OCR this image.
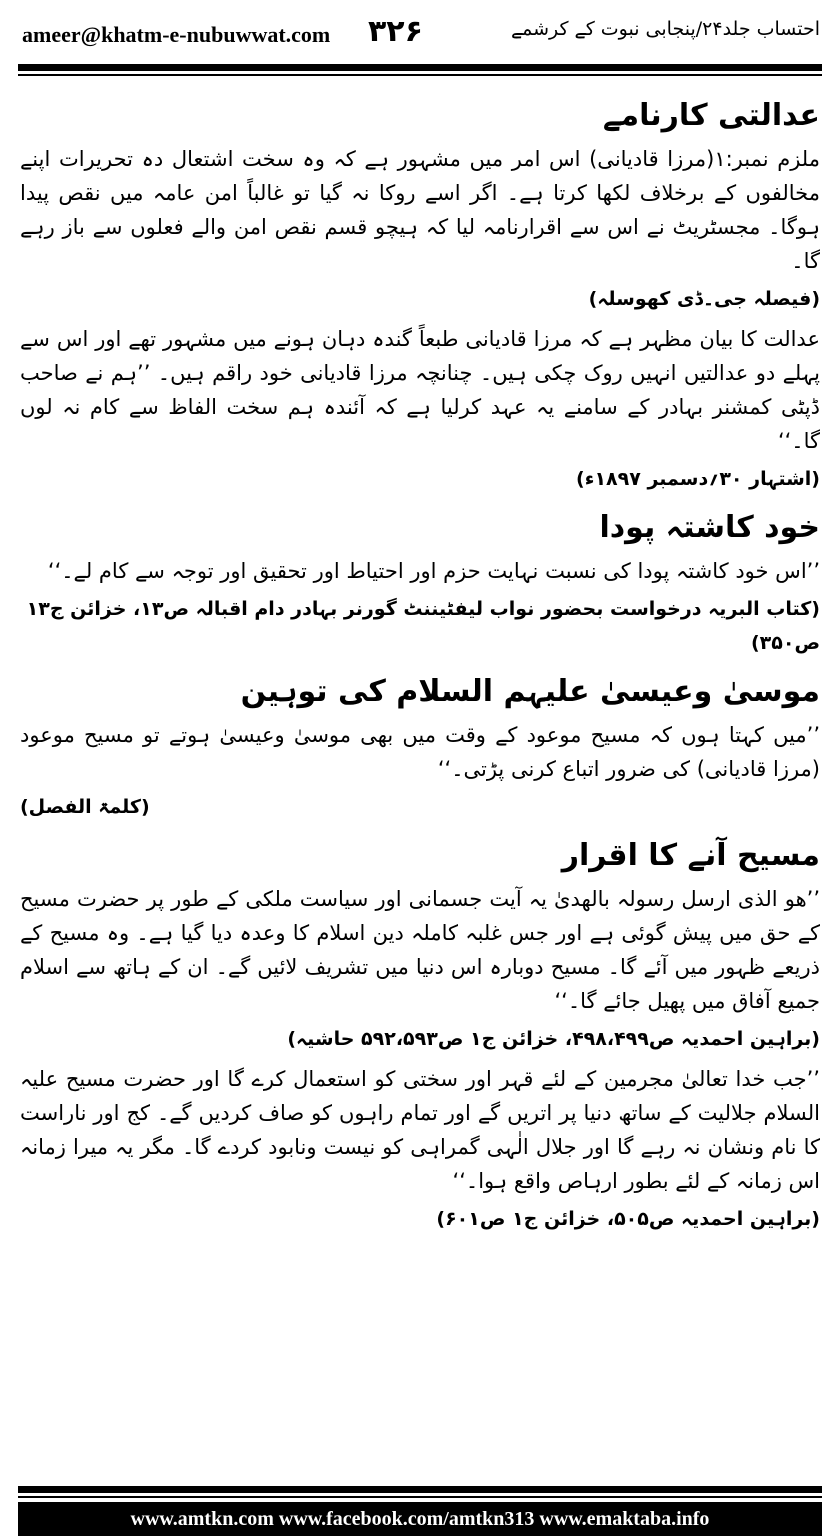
ameer@khatm-e-nubuwwat.com ۳۲۶	احتساب جلد۲۴/پنجابی نبوت کے کرشمے
عدالتی کارنامے

ملزم نمبر:۱(مرزا قادیانی) اس امر میں مشہور ہے کہ وہ سخت اشتعال دہ تحریرات اپنے مخالفوں کے برخلاف لکھا کرتا ہے۔ اگر اسے روکا نہ گیا تو غالباً امن عامہ میں نقص پیدا ہوگا۔ مجسٹریٹ نے اس سے اقرارنامہ لیا کہ ہیچو قسم نقص امن والے فعلوں سے باز رہے گا۔

(فیصلہ جی۔ڈی کھوسلہ)

عدالت کا بیان مظہر ہے کہ مرزا قادیانی طبعاً گندہ دہان ہونے میں مشہور تھے اور اس سے پہلے دو عدالتیں انہیں روک چکی ہیں۔ چنانچہ مرزا قادیانی خود راقم ہیں۔ ’’ہم نے صاحب ڈپٹی کمشنر بہادر کے سامنے یہ عہد کرلیا ہے کہ آئندہ ہم سخت الفاظ سے کام نہ لوں گا۔‘‘

(اشتہار ۳۰؍دسمبر ۱۸۹۷ء)

خود کاشتہ پودا

’’اس خود کاشتہ پودا کی نسبت نہایت حزم اور احتیاط اور تحقیق اور توجہ سے کام لے۔‘‘

(کتاب البریہ درخواست بحضور نواب لیفٹیننٹ گورنر بہادر دام اقبالہ ص۱۳، خزائن ج۱۳ ص۳۵۰)

موسیٰ وعیسیٰ علیہم السلام کی توہین

’’میں کہتا ہوں کہ مسیح موعود کے وقت میں بھی موسیٰ وعیسیٰ ہوتے تو مسیح موعود (مرزا قادیانی) کی ضرور اتباع کرنی پڑتی۔‘‘

(کلمۃ الفصل)
مسیح آنے کا اقرار

’’ھو الذی ارسل رسولہ بالھدیٰ یہ آیت جسمانی اور سیاست ملکی کے طور پر حضرت مسیح کے حق میں پیش گوئی ہے اور جس غلبہ کاملہ دین اسلام کا وعدہ دیا گیا ہے۔ وہ مسیح کے ذریعے ظہور میں آئے گا۔ مسیح دوبارہ اس دنیا میں تشریف لائیں گے۔ ان کے ہاتھ سے اسلام جمیع آفاق میں پھیل جائے گا۔‘‘

(براہین احمدیہ ص۴۹۸،۴۹۹، خزائن ج۱ ص۵۹۲،۵۹۳ حاشیہ)

’’جب خدا تعالیٰ مجرمین کے لئے قہر اور سختی کو استعمال کرے گا اور حضرت مسیح علیہ السلام جلالیت کے ساتھ دنیا پر اتریں گے اور تمام راہوں کو صاف کردیں گے۔ کج اور ناراست کا نام ونشان نہ رہے گا اور جلال الٰہی گمراہی کو نیست ونابود کردے گا۔ مگر یہ میرا زمانہ اس زمانہ کے لئے بطور ارہاص واقع ہوا۔‘‘

(براہین احمدیہ ص۵۰۵، خزائن ج۱ ص۶۰۱)

www.amtkn.com www.facebook.com/amtkn313 www.emaktaba.info
